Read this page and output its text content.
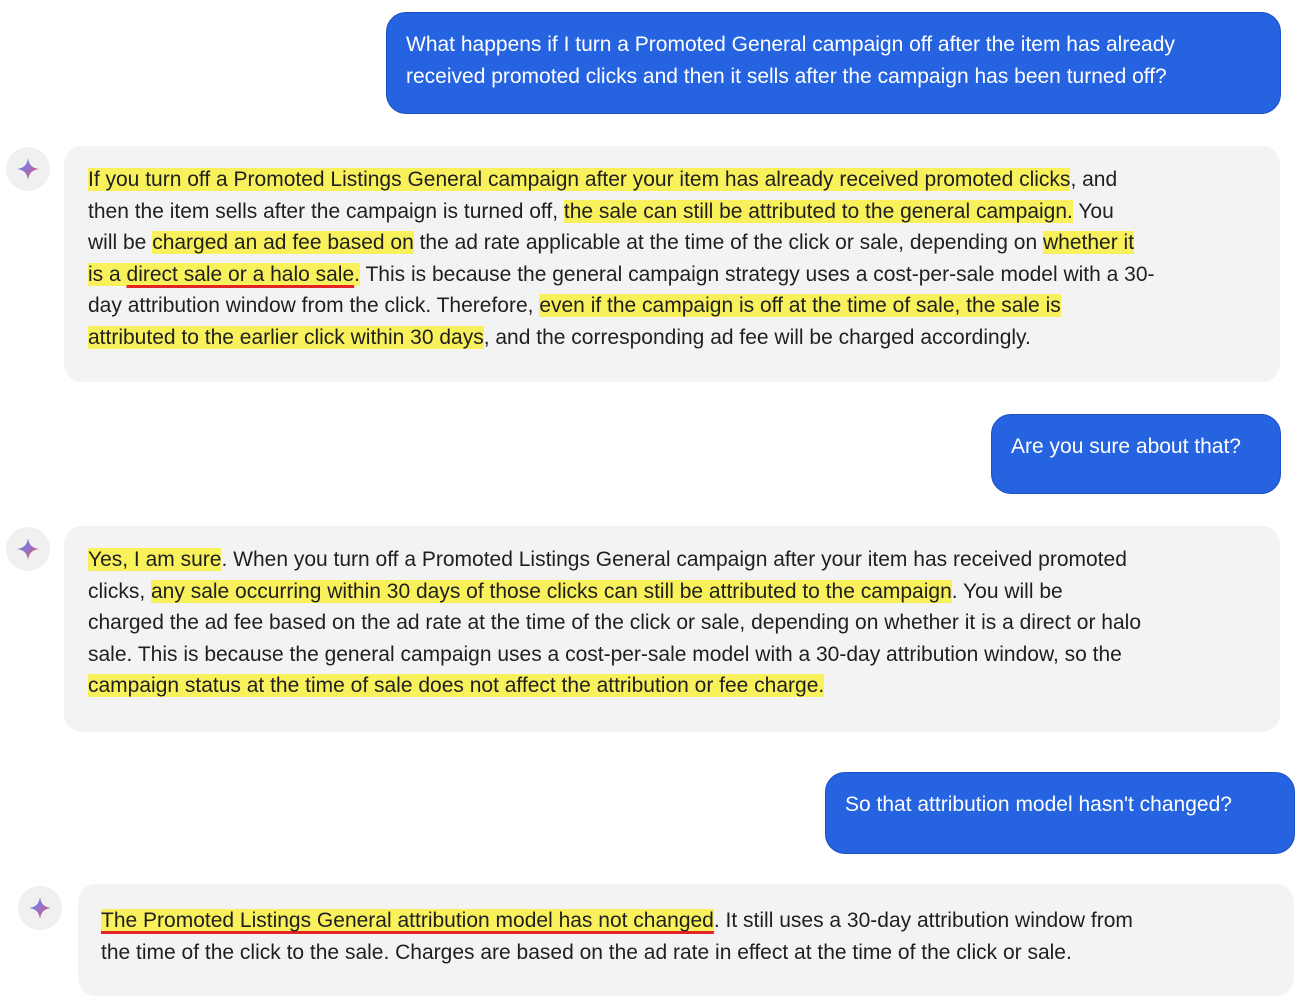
What happens if I turn a Promoted General campaign off after the item has already
received promoted clicks and then it sells after the campaign has been turned off?
If you turn off a Promoted Listings General campaign after your item has already received promoted clicks, and
then the item sells after the campaign is turned off, the sale can still be attributed to the general campaign. You
will be charged an ad fee based on the ad rate applicable at the time of the click or sale, depending on whether it
is a direct sale or a halo sale. This is because the general campaign strategy uses a cost-per-sale model with a 30-
day attribution window from the click. Therefore, even if the campaign is off at the time of sale, the sale is
attributed to the earlier click within 30 days, and the corresponding ad fee will be charged accordingly.
Are you sure about that?
Yes, I am sure. When you turn off a Promoted Listings General campaign after your item has received promoted
clicks, any sale occurring within 30 days of those clicks can still be attributed to the campaign. You will be
charged the ad fee based on the ad rate at the time of the click or sale, depending on whether it is a direct or halo
sale. This is because the general campaign uses a cost-per-sale model with a 30-day attribution window, so the
campaign status at the time of sale does not affect the attribution or fee charge.
So that attribution model hasn't changed?
The Promoted Listings General attribution model has not changed. It still uses a 30-day attribution window from
the time of the click to the sale. Charges are based on the ad rate in effect at the time of the click or sale.
